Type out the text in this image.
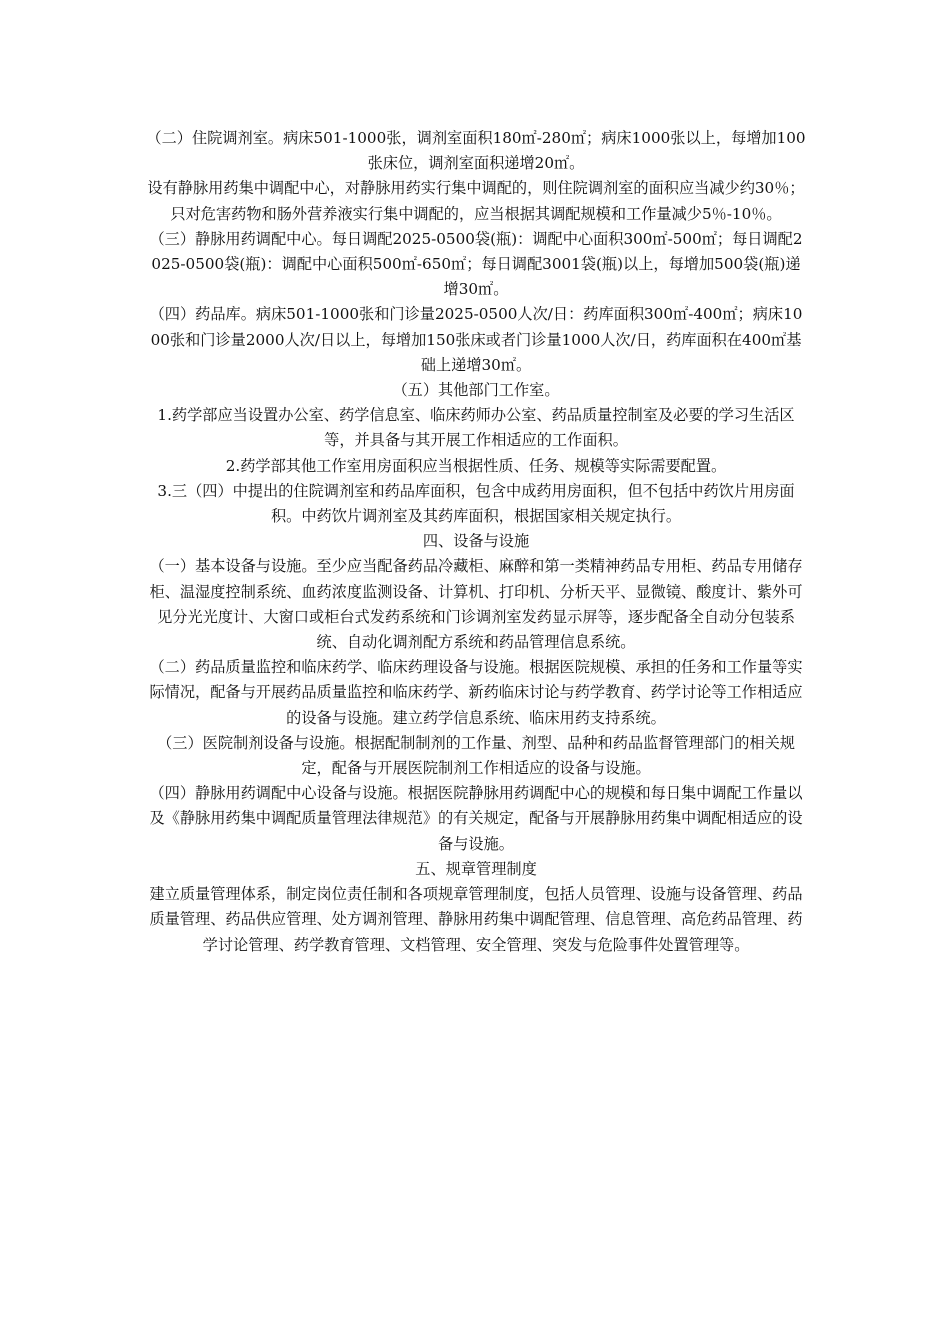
（二）住院调剂室。病床501-1000张，调剂室面积180㎡-280㎡；病床1000张以上，每增加100张床位，调剂室面积递增20㎡。

设有静脉用药集中调配中心，对静脉用药实行集中调配的，则住院调剂室的面积应当减少约30％；只对危害药物和肠外营养液实行集中调配的，应当根据其调配规模和工作量减少5％-10％。

（三）静脉用药调配中心。每日调配2025-0500袋(瓶)：调配中心面积300㎡-500㎡；每日调配2025-0500袋(瓶)：调配中心面积500㎡-650㎡；每日调配3001袋(瓶)以上，每增加500袋(瓶)递增30㎡。

（四）药品库。病床501-1000张和门诊量2025-0500人次/日：药库面积300㎡-400㎡；病床1000张和门诊量2000人次/日以上，每增加150张床或者门诊量1000人次/日，药库面积在400㎡基础上递增30㎡。

（五）其他部门工作室。

1.药学部应当设置办公室、药学信息室、临床药师办公室、药品质量控制室及必要的学习生活区等，并具备与其开展工作相适应的工作面积。

2.药学部其他工作室用房面积应当根据性质、任务、规模等实际需要配置。

3.三（四）中提出的住院调剂室和药品库面积，包含中成药用房面积，但不包括中药饮片用房面积。中药饮片调剂室及其药库面积，根据国家相关规定执行。

四、设备与设施

（一）基本设备与设施。至少应当配备药品冷藏柜、麻醉和第一类精神药品专用柜、药品专用储存柜、温湿度控制系统、血药浓度监测设备、计算机、打印机、分析天平、显微镜、酸度计、紫外可见分光光度计、大窗口或柜台式发药系统和门诊调剂室发药显示屏等，逐步配备全自动分包装系统、自动化调剂配方系统和药品管理信息系统。

（二）药品质量监控和临床药学、临床药理设备与设施。根据医院规模、承担的任务和工作量等实际情况，配备与开展药品质量监控和临床药学、新药临床讨论与药学教育、药学讨论等工作相适应的设备与设施。建立药学信息系统、临床用药支持系统。

（三）医院制剂设备与设施。根据配制制剂的工作量、剂型、品种和药品监督管理部门的相关规定，配备与开展医院制剂工作相适应的设备与设施。

（四）静脉用药调配中心设备与设施。根据医院静脉用药调配中心的规模和每日集中调配工作量以及《静脉用药集中调配质量管理法律规范》的有关规定，配备与开展静脉用药集中调配相适应的设备与设施。

五、规章管理制度

建立质量管理体系，制定岗位责任制和各项规章管理制度，包括人员管理、设施与设备管理、药品质量管理、药品供应管理、处方调剂管理、静脉用药集中调配管理、信息管理、高危药品管理、药学讨论管理、药学教育管理、文档管理、安全管理、突发与危险事件处置管理等。
